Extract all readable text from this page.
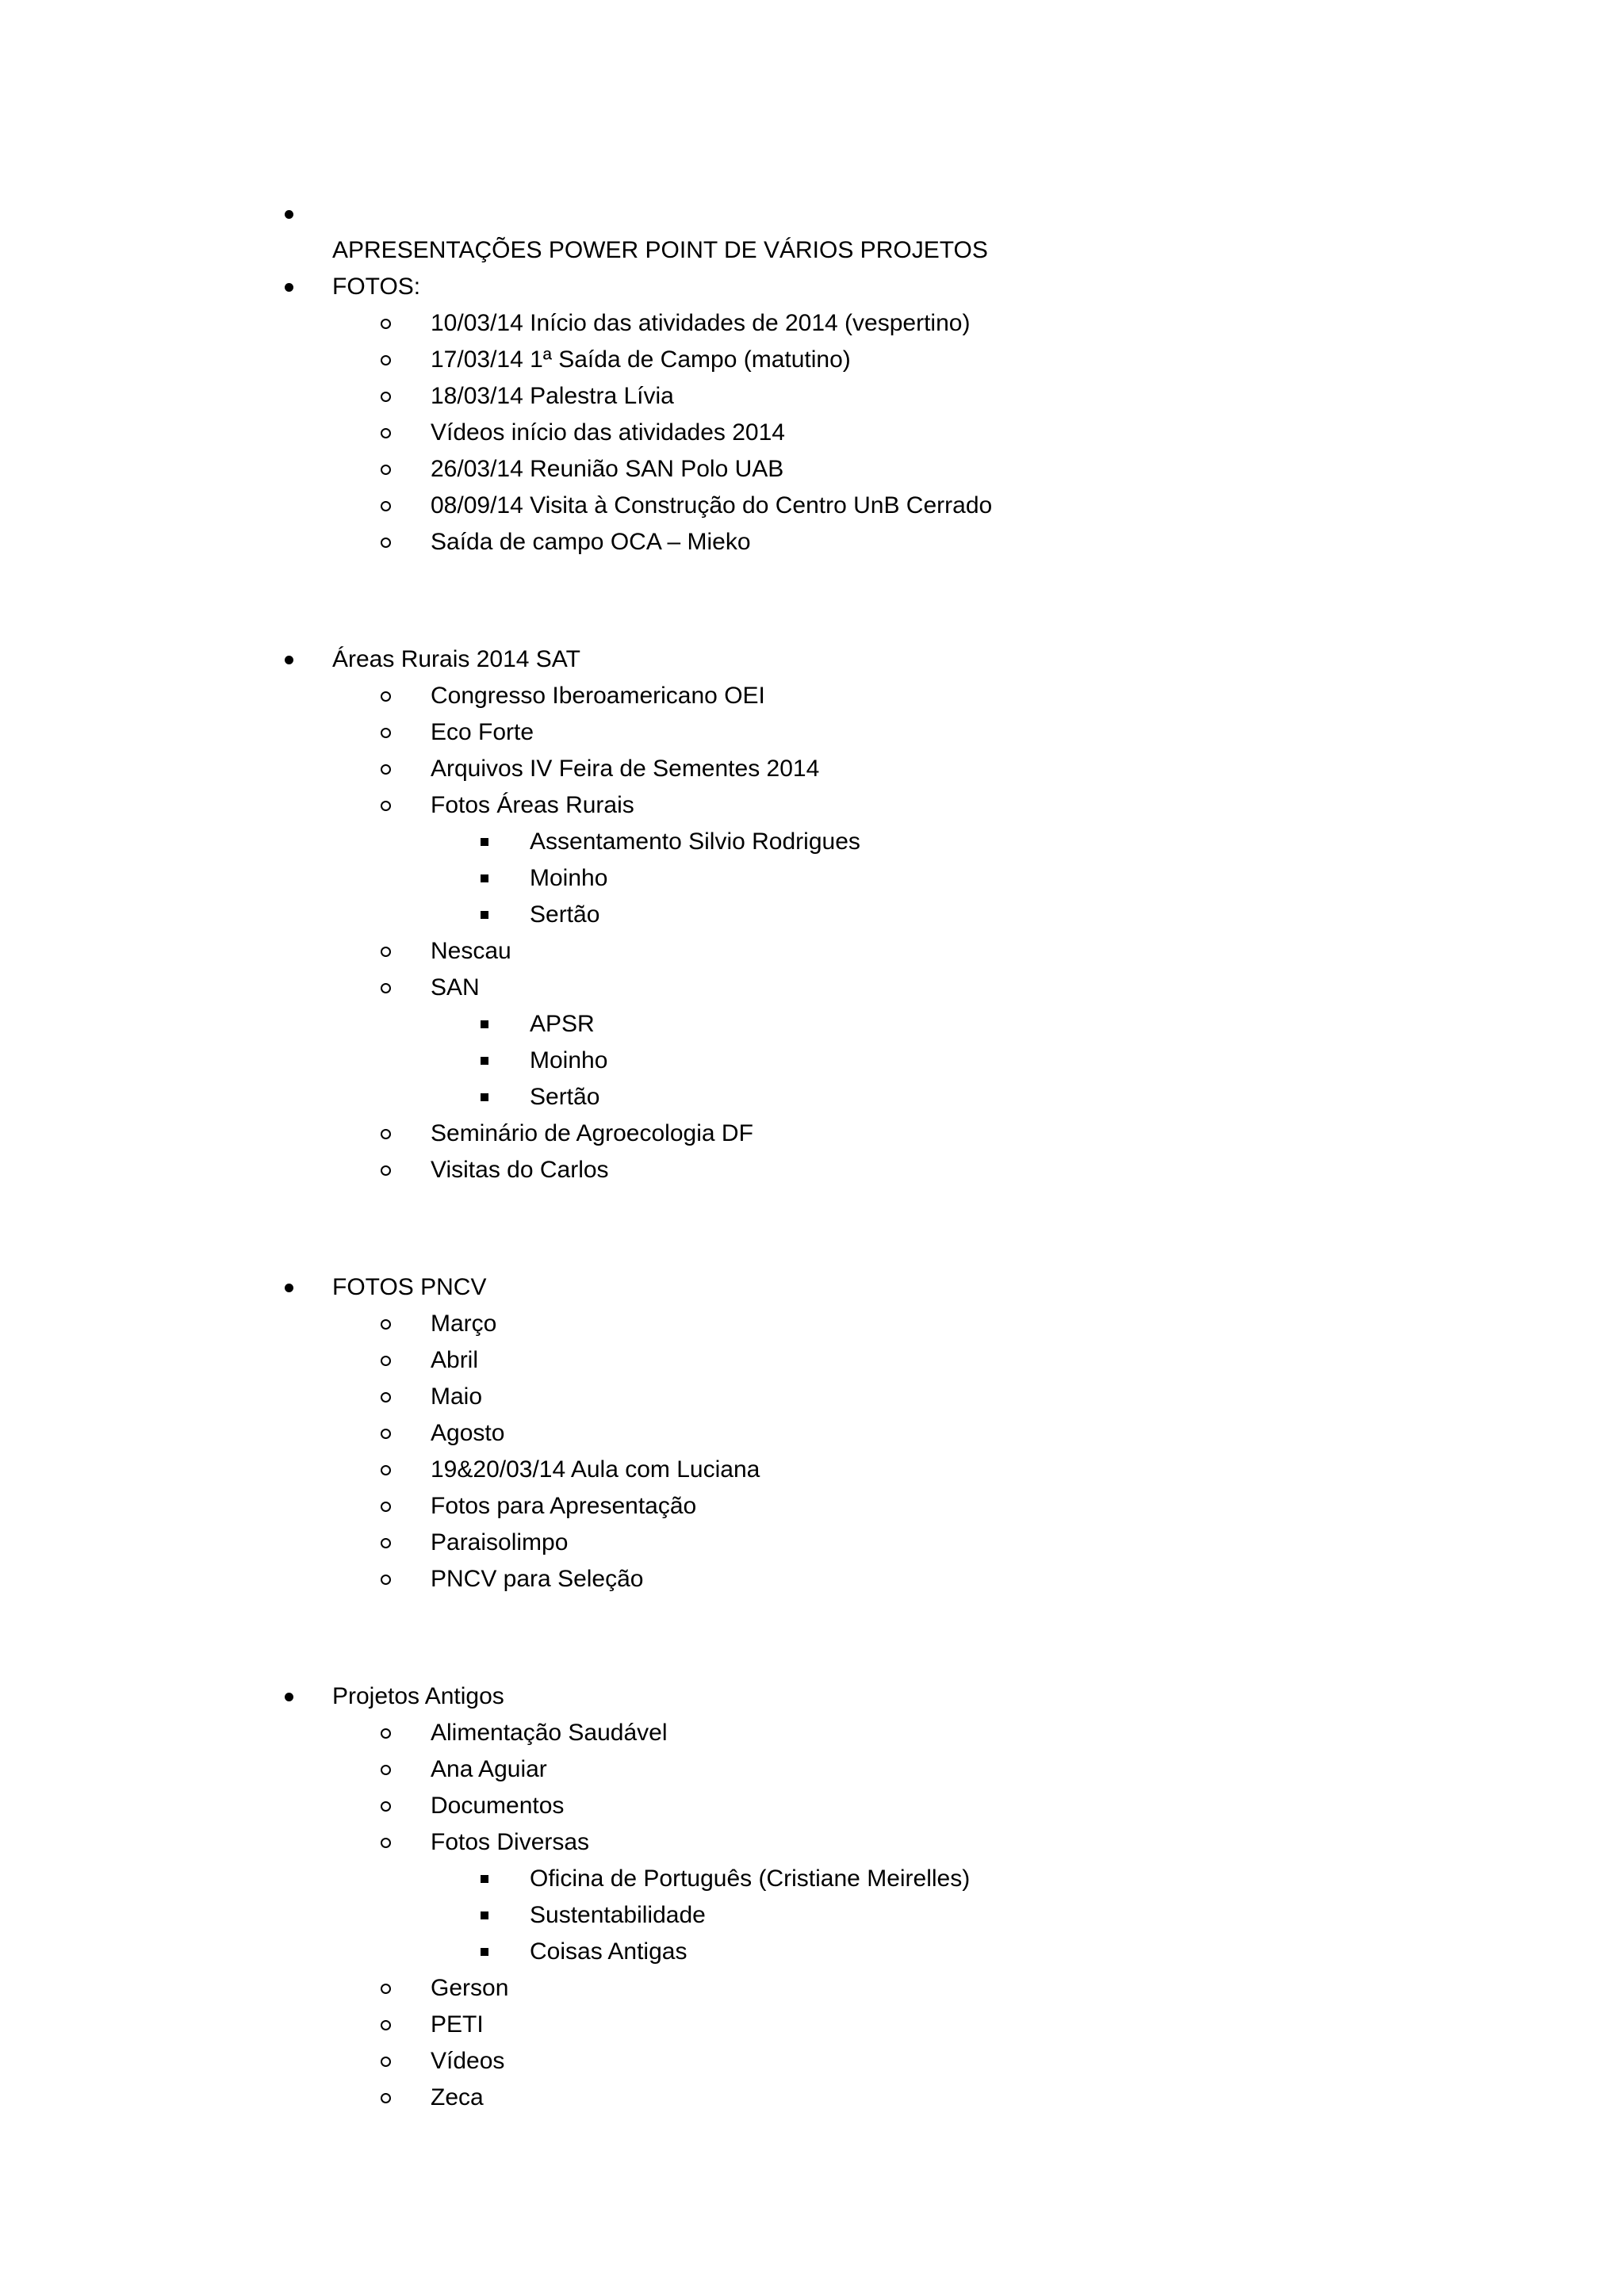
APRESENTAÇÕES POWER POINT DE VÁRIOS PROJETOS
FOTOS:
10/03/14 Início das atividades de 2014 (vespertino)
17/03/14 1ª Saída de Campo (matutino)
18/03/14 Palestra Lívia
Vídeos início das atividades 2014
26/03/14 Reunião SAN Polo UAB
08/09/14 Visita à Construção do Centro UnB Cerrado
Saída de campo OCA – Mieko
Áreas Rurais 2014 SAT
Congresso Iberoamericano OEI
Eco Forte
Arquivos IV Feira de Sementes 2014
Fotos Áreas Rurais
Assentamento Silvio Rodrigues
Moinho
Sertão
Nescau
SAN
APSR
Moinho
Sertão
Seminário de Agroecologia DF
Visitas do Carlos
FOTOS PNCV
Março
Abril
Maio
Agosto
19&20/03/14 Aula com Luciana
Fotos para Apresentação
Paraisolimpo
PNCV para Seleção
Projetos Antigos
Alimentação Saudável
Ana Aguiar
Documentos
Fotos Diversas
Oficina de Português (Cristiane Meirelles)
Sustentabilidade
Coisas Antigas
Gerson
PETI
Vídeos
Zeca
